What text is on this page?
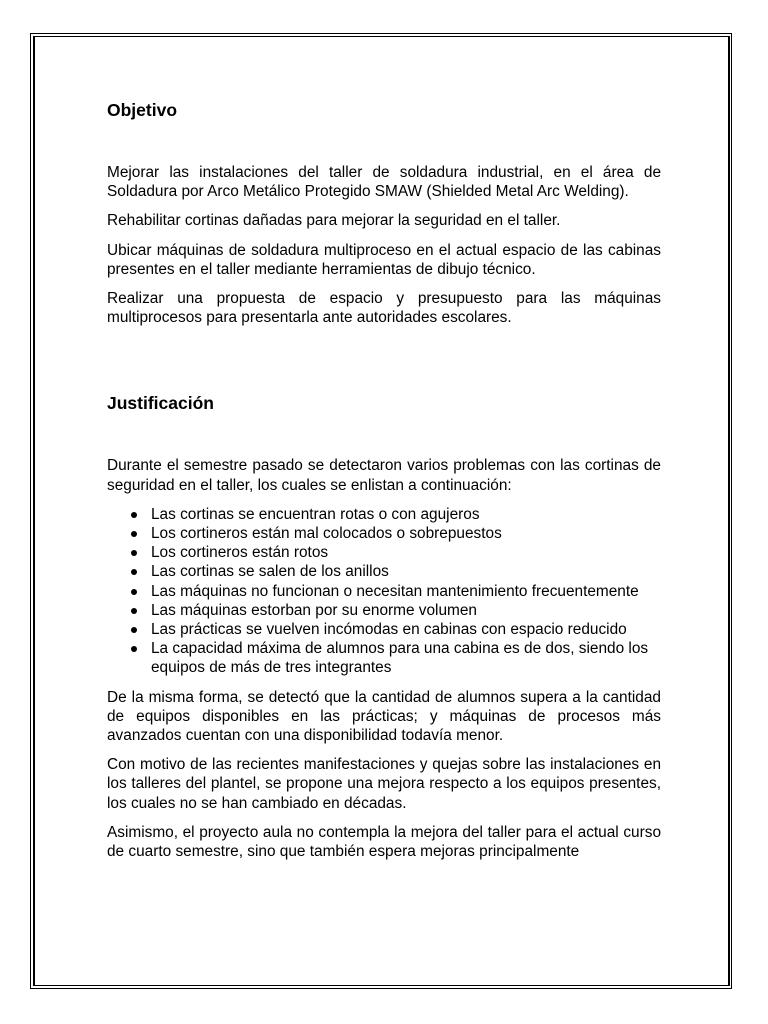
Objetivo

Mejorar las instalaciones del taller de soldadura industrial, en el área de Soldadura por Arco Metálico Protegido SMAW (Shielded Metal Arc Welding).

Rehabilitar cortinas dañadas para mejorar la seguridad en el taller.

Ubicar máquinas de soldadura multiproceso en el actual espacio de las cabinas presentes en el taller mediante herramientas de dibujo técnico.

Realizar una propuesta de espacio y presupuesto para las máquinas multiprocesos para presentarla ante autoridades escolares.

Justificación

Durante el semestre pasado se detectaron varios problemas con las cortinas de seguridad en el taller, los cuales se enlistan a continuación:

Las cortinas se encuentran rotas o con agujeros
Los cortineros están mal colocados o sobrepuestos
Los cortineros están rotos
Las cortinas se salen de los anillos
Las máquinas no funcionan o necesitan mantenimiento frecuentemente
Las máquinas estorban por su enorme volumen
Las prácticas se vuelven incómodas en cabinas con espacio reducido
La capacidad máxima de alumnos para una cabina es de dos, siendo los equipos de más de tres integrantes

De la misma forma, se detectó que la cantidad de alumnos supera a la cantidad de equipos disponibles en las prácticas; y máquinas de procesos más avanzados cuentan con una disponibilidad todavía menor.

Con motivo de las recientes manifestaciones y quejas sobre las instalaciones en los talleres del plantel, se propone una mejora respecto a los equipos presentes, los cuales no se han cambiado en décadas.

Asimismo, el proyecto aula no contempla la mejora del taller para el actual curso de cuarto semestre, sino que también espera mejoras principalmente
